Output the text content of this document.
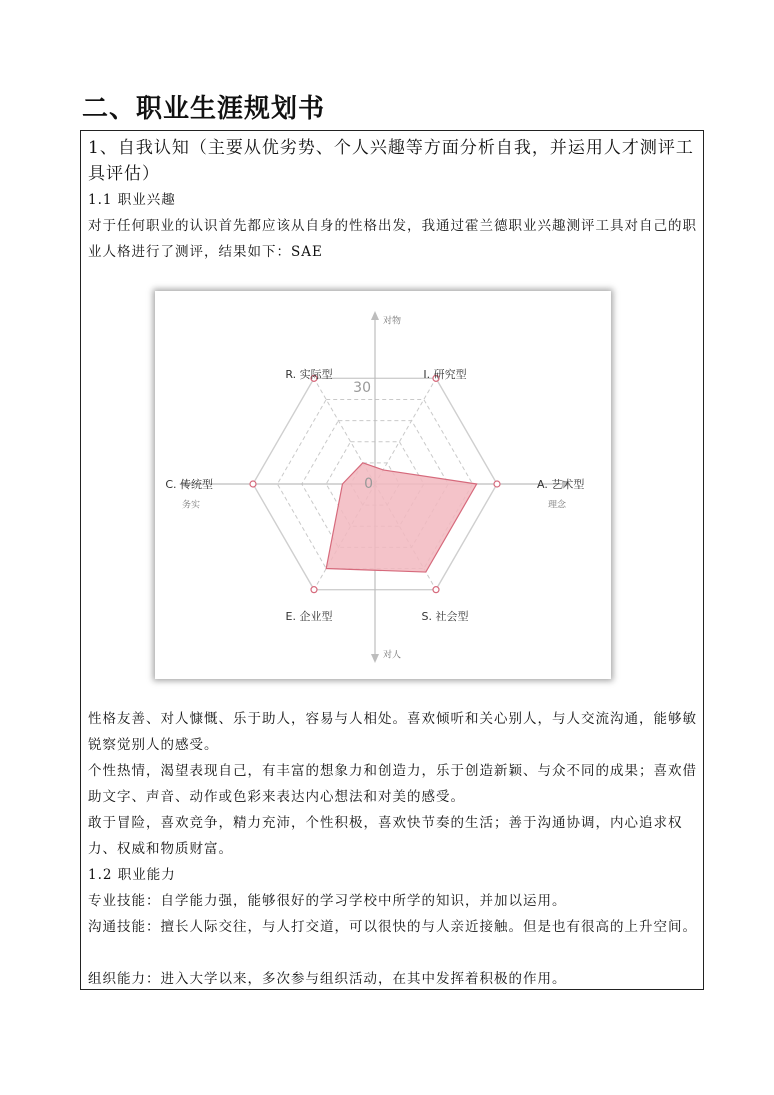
二、职业生涯规划书

1、自我认知（主要从优劣势、个人兴趣等方面分析自我，并运用人才测评工具评估）

1.1 职业兴趣

对于任何职业的认识首先都应该从自身的性格出发，我通过霍兰德职业兴趣测评工具对自己的职业人格进行了测评，结果如下：SAE

R. 实际型	I. 研究型
A. 艺术型
S. 社会型
E. 企业型
C. 传统型
对物
对人
务实	理念
30
0

性格友善、对人慷慨、乐于助人，容易与人相处。喜欢倾听和关心别人，与人交流沟通，能够敏锐察觉别人的感受。

个性热情，渴望表现自己，有丰富的想象力和创造力，乐于创造新颖、与众不同的成果；喜欢借助文字、声音、动作或色彩来表达内心想法和对美的感受。

敢于冒险，喜欢竞争，精力充沛，个性积极，喜欢快节奏的生活；善于沟通协调，内心追求权力、权威和物质财富。

1.2 职业能力

专业技能：自学能力强，能够很好的学习学校中所学的知识，并加以运用。

沟通技能：擅长人际交往，与人打交道，可以很快的与人亲近接触。但是也有很高的上升空间。

组织能力：进入大学以来，多次参与组织活动，在其中发挥着积极的作用。
